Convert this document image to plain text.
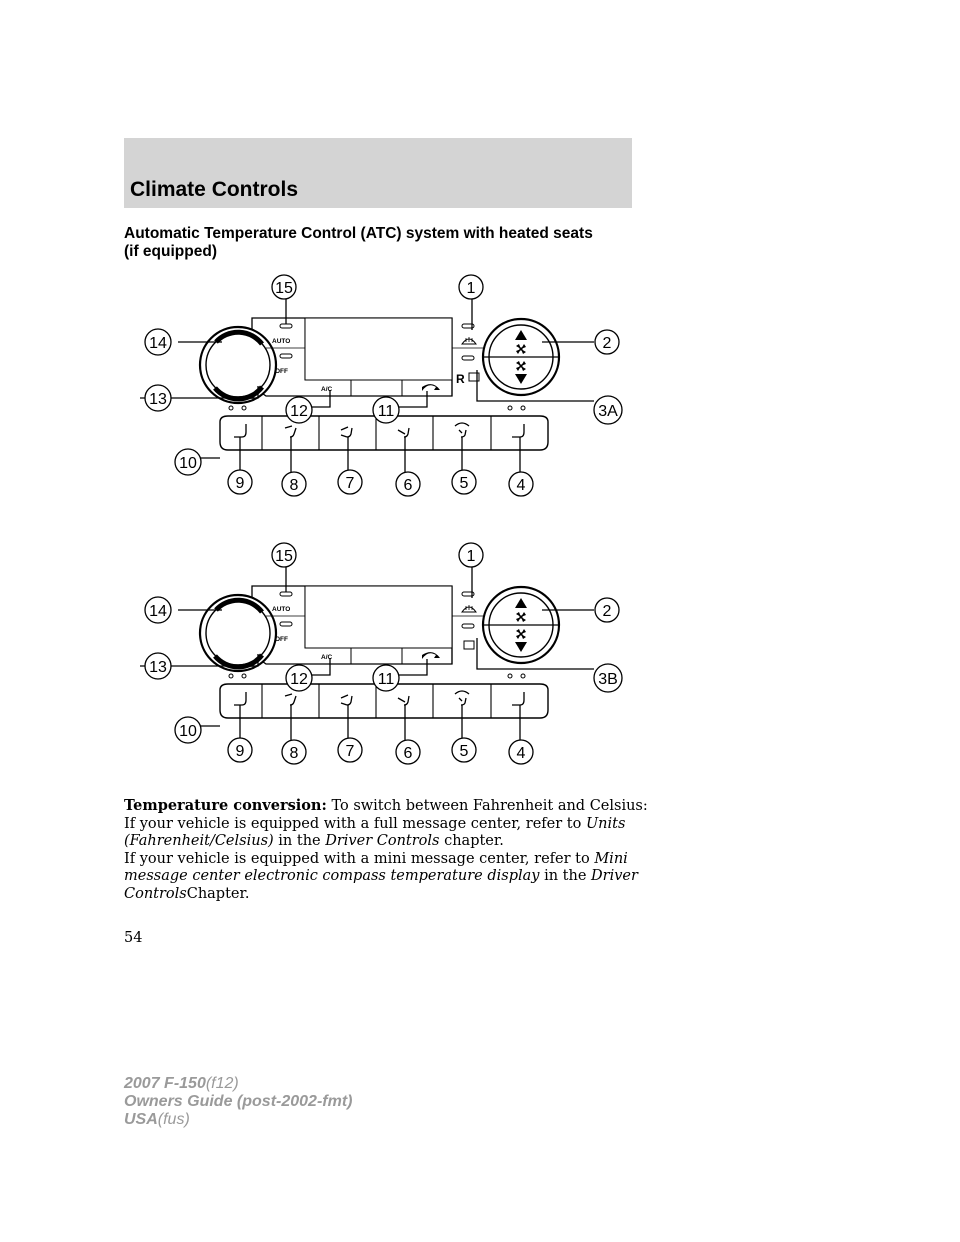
Climate Controls
Automatic Temperature Control (ATC) system with heated seats
(if equipped)
AUTO
OFF
A/C
R
15	1
14	2
13
3A
12	11
10
9	8	7	6	5	4
AUTO
OFF
A/C
15	1
14	2
13
3B
12	11
10
9	8	7	6	5	4
Temperature conversion: To switch between Fahrenheit and Celsius:
If your vehicle is equipped with a full message center, refer to Units
(Fahrenheit/Celsius) in the Driver Controls chapter.
If your vehicle is equipped with a mini message center, refer to Mini
message center electronic compass temperature display in the Driver
ControlsChapter.
54
2007 F-150(f12)
Owners Guide (post-2002-fmt)
USA(fus)
